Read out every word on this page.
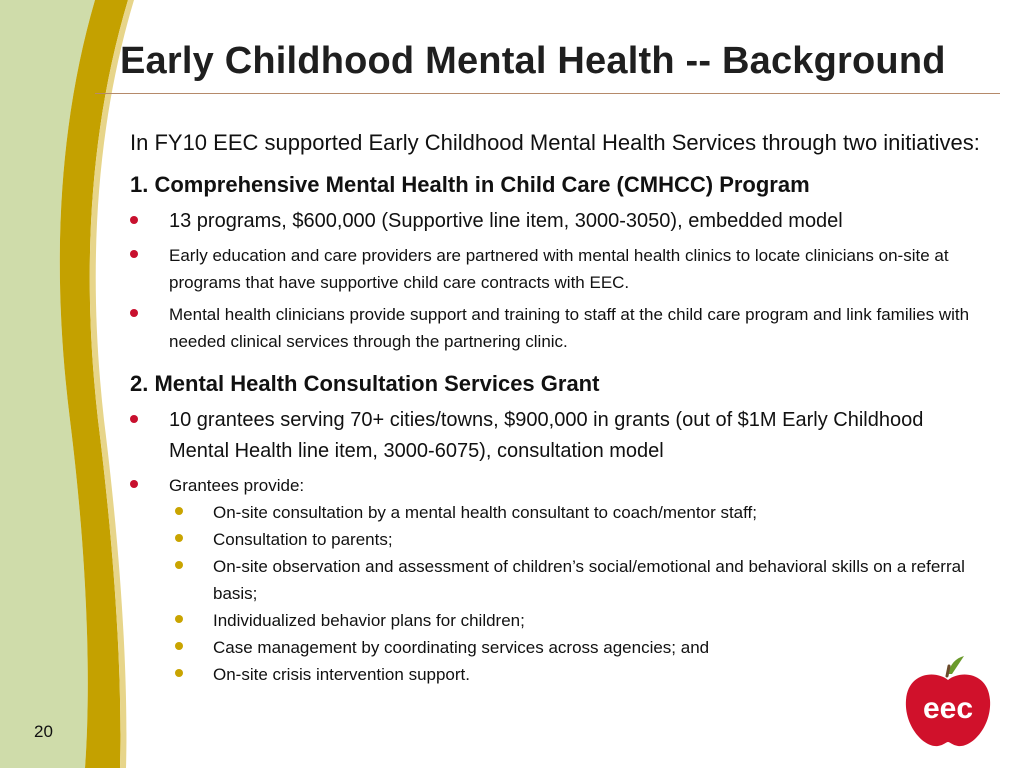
Early Childhood Mental Health -- Background

In FY10 EEC supported Early Childhood Mental Health Services through two initiatives:

1. Comprehensive Mental Health in Child Care (CMHCC) Program
13 programs, $600,000 (Supportive line item, 3000-3050), embedded model
Early education and care providers are partnered with mental health clinics to locate clinicians on-site at programs that have supportive child care contracts with EEC.
Mental health clinicians provide support and training to staff at the child care program and link families with needed clinical services through the partnering clinic.
2. Mental Health Consultation Services Grant
10 grantees serving 70+ cities/towns, $900,000 in grants (out of $1M Early Childhood Mental Health line item, 3000-6075), consultation model
Grantees provide:
On-site consultation by a mental health consultant to coach/mentor staff;
Consultation to parents;
On-site observation and assessment of children’s social/emotional and behavioral skills on a referral basis;
Individualized behavior plans for children;
Case management by coordinating services across agencies; and
On-site crisis intervention support.
20
eec
